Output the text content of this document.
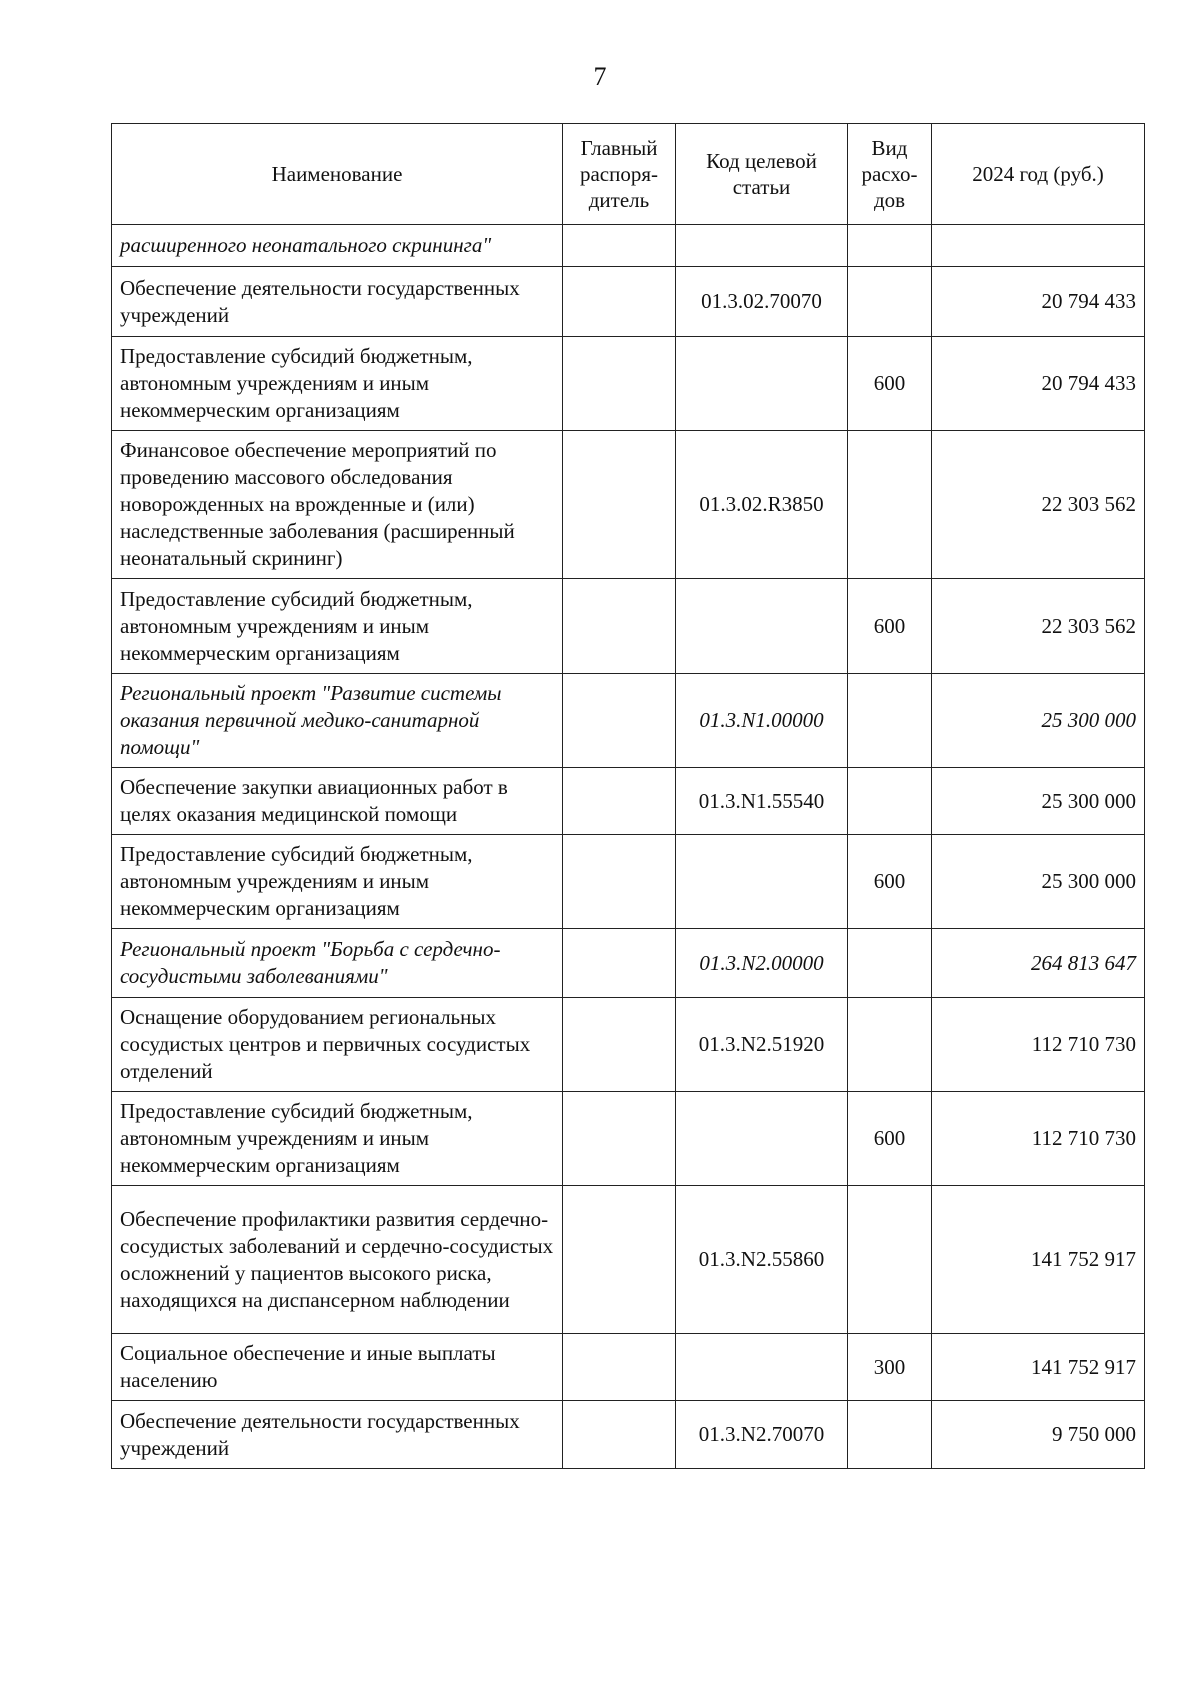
7
Наименование	Главный распоря-дитель	Код целевой статьи	Вид расхо-дов	2024 год (руб.)
расширенного неонатального скрининга"				
Обеспечение деятельности государственных учреждений		01.3.02.70070		20 794 433
Предоставление субсидий бюджетным, автономным учреждениям и иным некоммерческим организациям			600	20 794 433
Финансовое обеспечение мероприятий по проведению массового обследования новорожденных на врожденные и (или) наследственные заболевания (расширенный неонатальный скрининг)		01.3.02.R3850		22 303 562
Предоставление субсидий бюджетным, автономным учреждениям и иным некоммерческим организациям			600	22 303 562
Региональный проект "Развитие системы оказания первичной медико-санитарной помощи"		01.3.N1.00000		25 300 000
Обеспечение закупки авиационных работ в целях оказания медицинской помощи		01.3.N1.55540		25 300 000
Предоставление субсидий бюджетным, автономным учреждениям и иным некоммерческим организациям			600	25 300 000
Региональный проект "Борьба с сердечно-сосудистыми заболеваниями"		01.3.N2.00000		264 813 647
Оснащение оборудованием региональных сосудистых центров и первичных сосудистых отделений		01.3.N2.51920		112 710 730
Предоставление субсидий бюджетным, автономным учреждениям и иным некоммерческим организациям			600	112 710 730
Обеспечение профилактики развития сердечно-сосудистых заболеваний и сердечно-сосудистых осложнений у пациентов высокого риска, находящихся на диспансерном наблюдении		01.3.N2.55860		141 752 917
Социальное обеспечение и иные выплаты населению			300	141 752 917
Обеспечение деятельности государственных учреждений		01.3.N2.70070		9 750 000
